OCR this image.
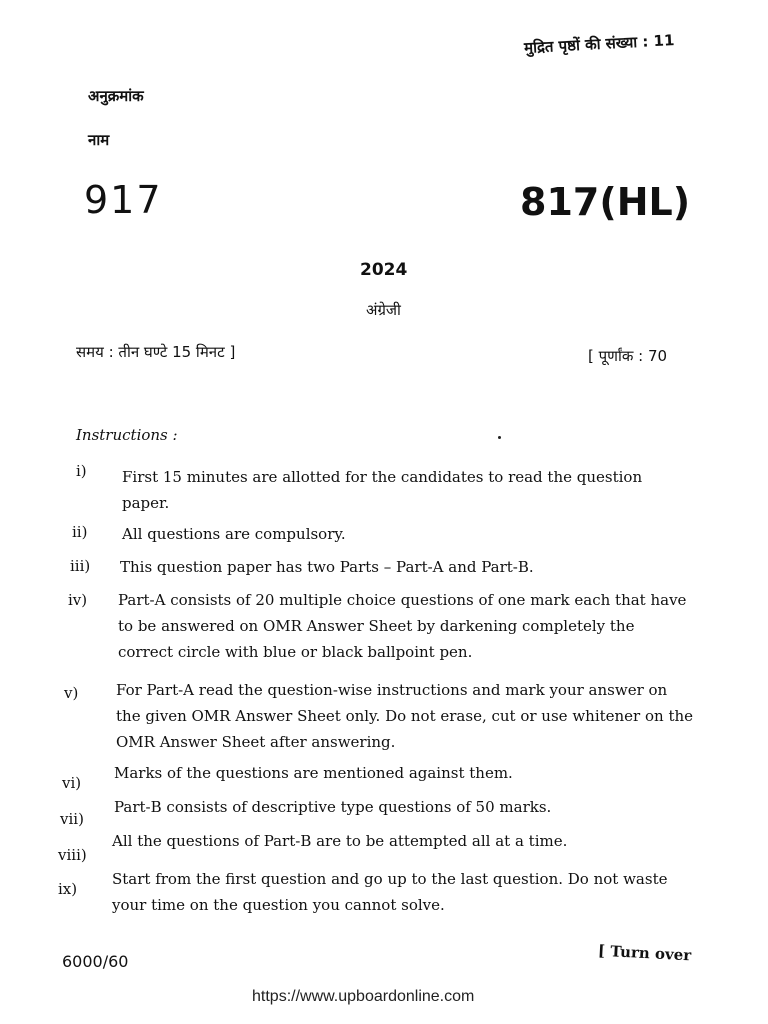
मुद्रित पृष्ठों की संख्या : 11
अनुक्रमांक
नाम
917	817(HL)
2024
अंग्रेजी
समय : तीन घण्टे 15 मिनट ]	[ पूर्णांक : 70
Instructions :
i)	First 15 minutes are allotted for the candidates to read the question paper.
ii)	All questions are compulsory.
iii)	This question paper has two Parts – Part-A and Part-B.
iv)	Part-A consists of 20 multiple choice questions of one mark each that have to be answered on OMR Answer Sheet by darkening completely the correct circle with blue or black ballpoint pen.
v)	For Part-A read the question-wise instructions and mark your answer on the given OMR Answer Sheet only. Do not erase, cut or use whitener on the OMR Answer Sheet after answering.
vi)
Marks of the questions are mentioned against them.
vii)
Part-B consists of descriptive type questions of 50 marks.
viii)
All the questions of Part-B are to be attempted all at a time.
ix)
Start from the first question and go up to the last question. Do not waste your time on the question you cannot solve.
6000/60	[ Turn over
https://www.upboardonline.com
